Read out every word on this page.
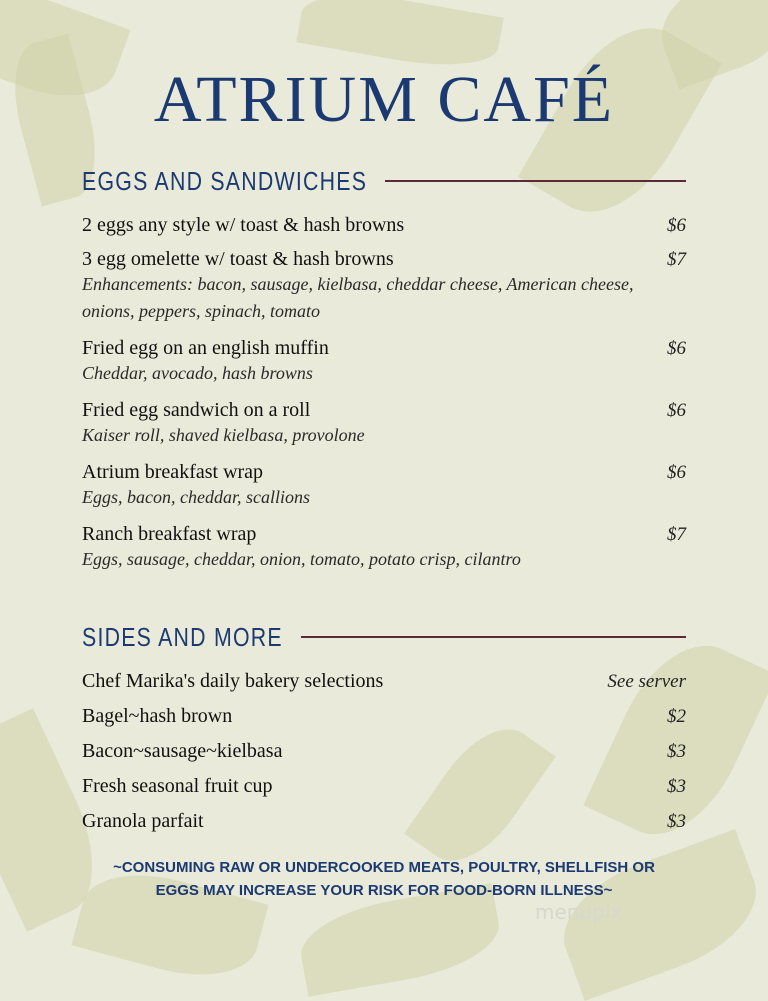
ATRIUM CAFÉ
EGGS AND SANDWICHES
2 eggs any style w/ toast & hash browns	$6
3 egg omelette w/ toast & hash browns	$7
Enhancements: bacon, sausage, kielbasa, cheddar cheese, American cheese, onions, peppers, spinach, tomato
Fried egg on an english muffin	$6
Cheddar, avocado, hash browns
Fried egg sandwich on a roll	$6
Kaiser roll, shaved kielbasa, provolone
Atrium breakfast wrap	$6
Eggs, bacon, cheddar, scallions
Ranch breakfast wrap	$7
Eggs, sausage, cheddar, onion, tomato, potato crisp, cilantro
SIDES AND MORE
Chef Marika's daily bakery selections	See server
Bagel~hash brown	$2
Bacon~sausage~kielbasa	$3
Fresh seasonal fruit cup	$3
Granola parfait	$3
~CONSUMING RAW OR UNDERCOOKED MEATS, POULTRY, SHELLFISH OR EGGS MAY INCREASE YOUR RISK FOR FOOD-BORN ILLNESS~
menupix
